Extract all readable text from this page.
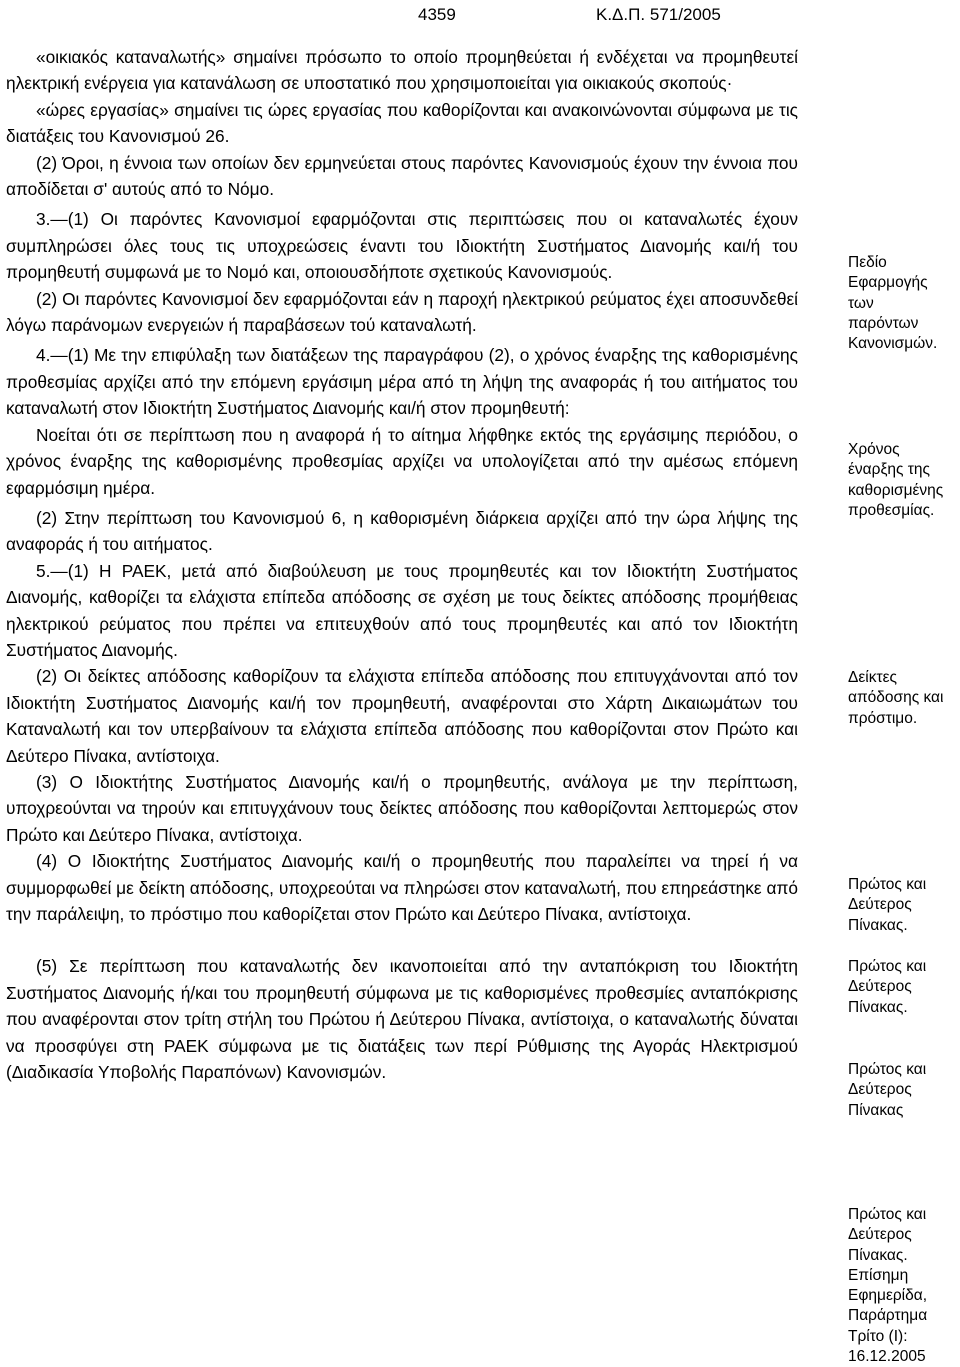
4359	Κ.Δ.Π. 571/2005

«οικιακός καταναλωτής» σημαίνει πρόσωπο το οποίο προμηθεύεται ή ενδέχεται να προμηθευτεί ηλεκτρική ενέργεια για κατανάλωση σε υποστατικό που χρησιμοποιείται για οικιακούς σκοπούς·

«ώρες εργασίας» σημαίνει τις ώρες εργασίας που καθορίζονται και ανακοινώνονται σύμφωνα με τις διατάξεις του Κανονισμού 26.

(2) Όροι, η έννοια των οποίων δεν ερμηνεύεται στους παρόντες Κανονισμούς έχουν την έννοια που αποδίδεται σ' αυτούς από το Νόμο.

3.—(1) Οι παρόντες Κανονισμοί εφαρμόζονται στις περιπτώσεις που οι καταναλωτές έχουν συμπληρώσει όλες τους τις υποχρεώσεις έναντι του Ιδιοκτήτη Συστήματος Διανομής και/ή του προμηθευτή συμφωνά με το Νομό και, οποιουσδήποτε σχετικούς Κανονισμούς.

(2) Οι παρόντες Κανονισμοί δεν εφαρμόζονται εάν η παροχή ηλεκτρικού ρεύματος έχει αποσυνδεθεί λόγω παράνομων ενεργειών ή παραβάσεων τού καταναλωτή.

4.—(1) Με την επιφύλαξη των διατάξεων της παραγράφου (2), ο χρόνος έναρξης της καθορισμένης προθεσμίας αρχίζει από την επόμενη εργάσιμη μέρα από τη λήψη της αναφοράς ή του αιτήματος του καταναλωτή στον Ιδιοκτήτη Συστήματος Διανομής και/ή στον προμηθευτή:

Νοείται ότι σε περίπτωση που η αναφορά ή το αίτημα λήφθηκε εκτός της εργάσιμης περιόδου, ο χρόνος έναρξης της καθορισμένης προθεσμίας αρχίζει να υπολογίζεται από την αμέσως επόμενη εφαρμόσιμη ημέρα.

(2) Στην περίπτωση του Κανονισμού 6, η καθορισμένη διάρκεια αρχίζει από την ώρα λήψης της αναφοράς ή του αιτήματος.

5.—(1) Η ΡΑΕΚ, μετά από διαβούλευση με τους προμηθευτές και τον Ιδιοκτήτη Συστήματος Διανομής, καθορίζει τα ελάχιστα επίπεδα απόδοσης σε σχέση με τους δείκτες απόδοσης προμήθειας ηλεκτρικού ρεύματος που πρέπει να επιτευχθούν από τους προμηθευτές και από τον Ιδιοκτήτη Συστήματος Διανομής.

(2) Οι δείκτες απόδοσης καθορίζουν τα ελάχιστα επίπεδα απόδοσης που επιτυγχάνονται από τον Ιδιοκτήτη Συστήματος Διανομής και/ή τον προμηθευτή, αναφέρονται στο Χάρτη Δικαιωμάτων του Καταναλωτή και τον υπερβαίνουν τα ελάχιστα επίπεδα απόδοσης που καθορίζονται στον Πρώτο και Δεύτερο Πίνακα, αντίστοιχα.

(3) Ο Ιδιοκτήτης Συστήματος Διανομής και/ή ο προμηθευτής, ανάλογα με την περίπτωση, υποχρεούνται να τηρούν και επιτυγχάνουν τους δείκτες απόδοσης που καθορίζονται λεπτομερώς στον Πρώτο και Δεύτερο Πίνακα, αντίστοιχα.

(4) Ο Ιδιοκτήτης Συστήματος Διανομής και/ή ο προμηθευτής που παραλείπει να τηρεί ή να συμμορφωθεί με δείκτη απόδοσης, υποχρεούται να πληρώσει στον καταναλωτή, που επηρεάστηκε από την παράλειψη, το πρόστιμο που καθορίζεται στον Πρώτο και Δεύτερο Πίνακα, αντίστοιχα.

(5) Σε περίπτωση που καταναλωτής δεν ικανοποιείται από την ανταπόκριση του Ιδιοκτήτη Συστήματος Διανομής ή/και του προμηθευτή σύμφωνα με τις καθορισμένες προθεσμίες ανταπόκρισης που αναφέρονται στον τρίτη στήλη του Πρώτου ή Δεύτερου Πίνακα, αντίστοιχα, ο καταναλωτής δύναται να προσφύγει στη ΡΑΕΚ σύμφωνα με τις διατάξεις των περί Ρύθμισης της Αγοράς Ηλεκτρισμού (Διαδικασία Υποβολής Παραπόνων) Κανονισμών.

Πεδίο
Εφαρμογής
των
παρόντων
Κανονισμών.
Χρόνος
έναρξης της
καθορισμένης
προθεσμίας.
Δείκτες
απόδοσης και
πρόστιμο.
Πρώτος και
Δεύτερος
Πίνακας.
Πρώτος και
Δεύτερος
Πίνακας.
Πρώτος και
Δεύτερος
Πίνακας
Πρώτος και
Δεύτερος
Πίνακας.
Επίσημη
Εφημερίδα,
Παράρτημα
Τρίτο (Ι):
16.12.2005
